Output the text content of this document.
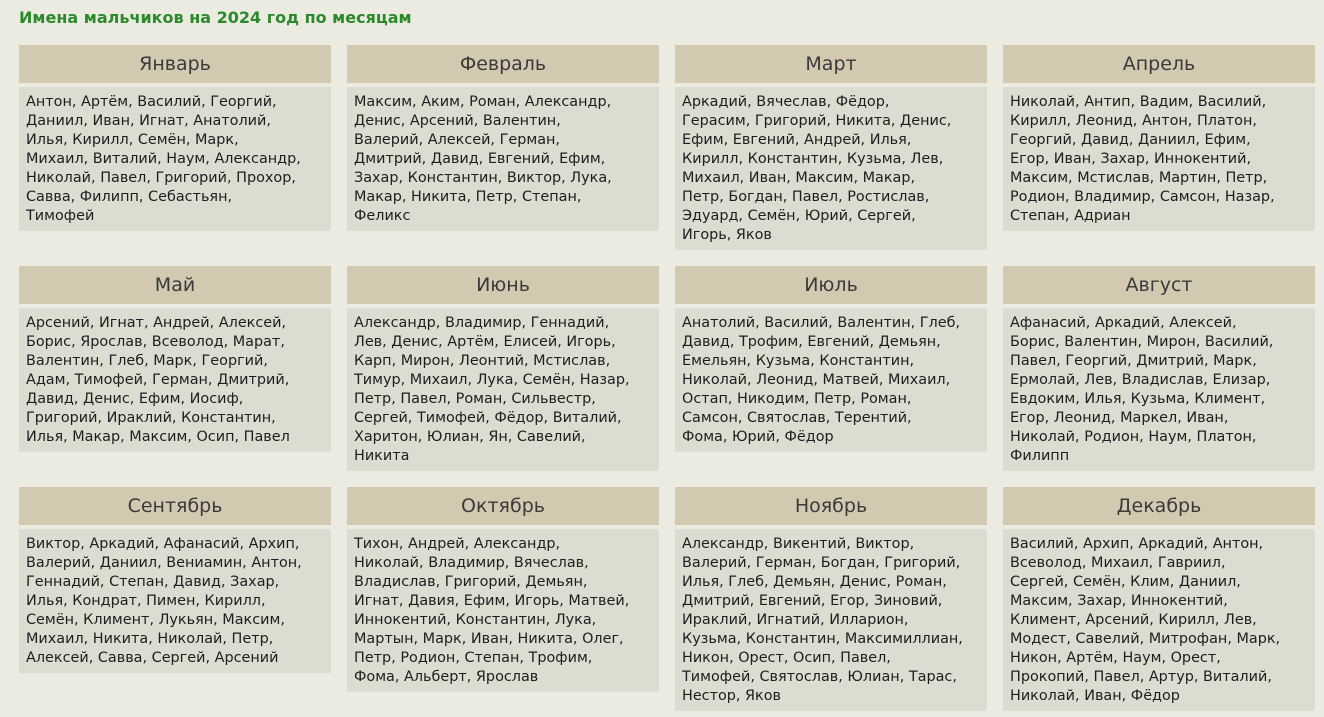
Имена мальчиков на 2024 год по месяцам
Январь
Антон, Артём, Василий, Георгий,
Даниил, Иван, Игнат, Анатолий,
Илья, Кирилл, Семён, Марк,
Михаил, Виталий, Наум, Александр,
Николай, Павел, Григорий, Прохор,
Савва, Филипп, Себастьян,
Тимофей
Февраль
Максим, Аким, Роман, Александр,
Денис, Арсений, Валентин,
Валерий, Алексей, Герман,
Дмитрий, Давид, Евгений, Ефим,
Захар, Константин, Виктор, Лука,
Макар, Никита, Петр, Степан,
Феликс
Март
Аркадий, Вячеслав, Фёдор,
Герасим, Григорий, Никита, Денис,
Ефим, Евгений, Андрей, Илья,
Кирилл, Константин, Кузьма, Лев,
Михаил, Иван, Максим, Макар,
Петр, Богдан, Павел, Ростислав,
Эдуард, Семён, Юрий, Сергей,
Игорь, Яков
Апрель
Николай, Антип, Вадим, Василий,
Кирилл, Леонид, Антон, Платон,
Георгий, Давид, Даниил, Ефим,
Егор, Иван, Захар, Иннокентий,
Максим, Мстислав, Мартин, Петр,
Родион, Владимир, Самсон, Назар,
Степан, Адриан
Май
Арсений, Игнат, Андрей, Алексей,
Борис, Ярослав, Всеволод, Марат,
Валентин, Глеб, Марк, Георгий,
Адам, Тимофей, Герман, Дмитрий,
Давид, Денис, Ефим, Иосиф,
Григорий, Ираклий, Константин,
Илья, Макар, Максим, Осип, Павел
Июнь
Александр, Владимир, Геннадий,
Лев, Денис, Артём, Елисей, Игорь,
Карп, Мирон, Леонтий, Мстислав,
Тимур, Михаил, Лука, Семён, Назар,
Петр, Павел, Роман, Сильвестр,
Сергей, Тимофей, Фёдор, Виталий,
Харитон, Юлиан, Ян, Савелий,
Никита
Июль
Анатолий, Василий, Валентин, Глеб,
Давид, Трофим, Евгений, Демьян,
Емельян, Кузьма, Константин,
Николай, Леонид, Матвей, Михаил,
Остап, Никодим, Петр, Роман,
Самсон, Святослав, Терентий,
Фома, Юрий, Фёдор
Август
Афанасий, Аркадий, Алексей,
Борис, Валентин, Мирон, Василий,
Павел, Георгий, Дмитрий, Марк,
Ермолай, Лев, Владислав, Елизар,
Евдоким, Илья, Кузьма, Климент,
Егор, Леонид, Маркел, Иван,
Николай, Родион, Наум, Платон,
Филипп
Сентябрь
Виктор, Аркадий, Афанасий, Архип,
Валерий, Даниил, Вениамин, Антон,
Геннадий, Степан, Давид, Захар,
Илья, Кондрат, Пимен, Кирилл,
Семён, Климент, Лукьян, Максим,
Михаил, Никита, Николай, Петр,
Алексей, Савва, Сергей, Арсений
Октябрь
Тихон, Андрей, Александр,
Николай, Владимир, Вячеслав,
Владислав, Григорий, Демьян,
Игнат, Давия, Ефим, Игорь, Матвей,
Иннокентий, Константин, Лука,
Мартын, Марк, Иван, Никита, Олег,
Петр, Родион, Степан, Трофим,
Фома, Альберт, Ярослав
Ноябрь
Александр, Викентий, Виктор,
Валерий, Герман, Богдан, Григорий,
Илья, Глеб, Демьян, Денис, Роман,
Дмитрий, Евгений, Егор, Зиновий,
Ираклий, Игнатий, Илларион,
Кузьма, Константин, Максимиллиан,
Никон, Орест, Осип, Павел,
Тимофей, Святослав, Юлиан, Тарас,
Нестор, Яков
Декабрь
Василий, Архип, Аркадий, Антон,
Всеволод, Михаил, Гавриил,
Сергей, Семён, Клим, Даниил,
Максим, Захар, Иннокентий,
Климент, Арсений, Кирилл, Лев,
Модест, Савелий, Митрофан, Марк,
Никон, Артём, Наум, Орест,
Прокопий, Павел, Артур, Виталий,
Николай, Иван, Фёдор
